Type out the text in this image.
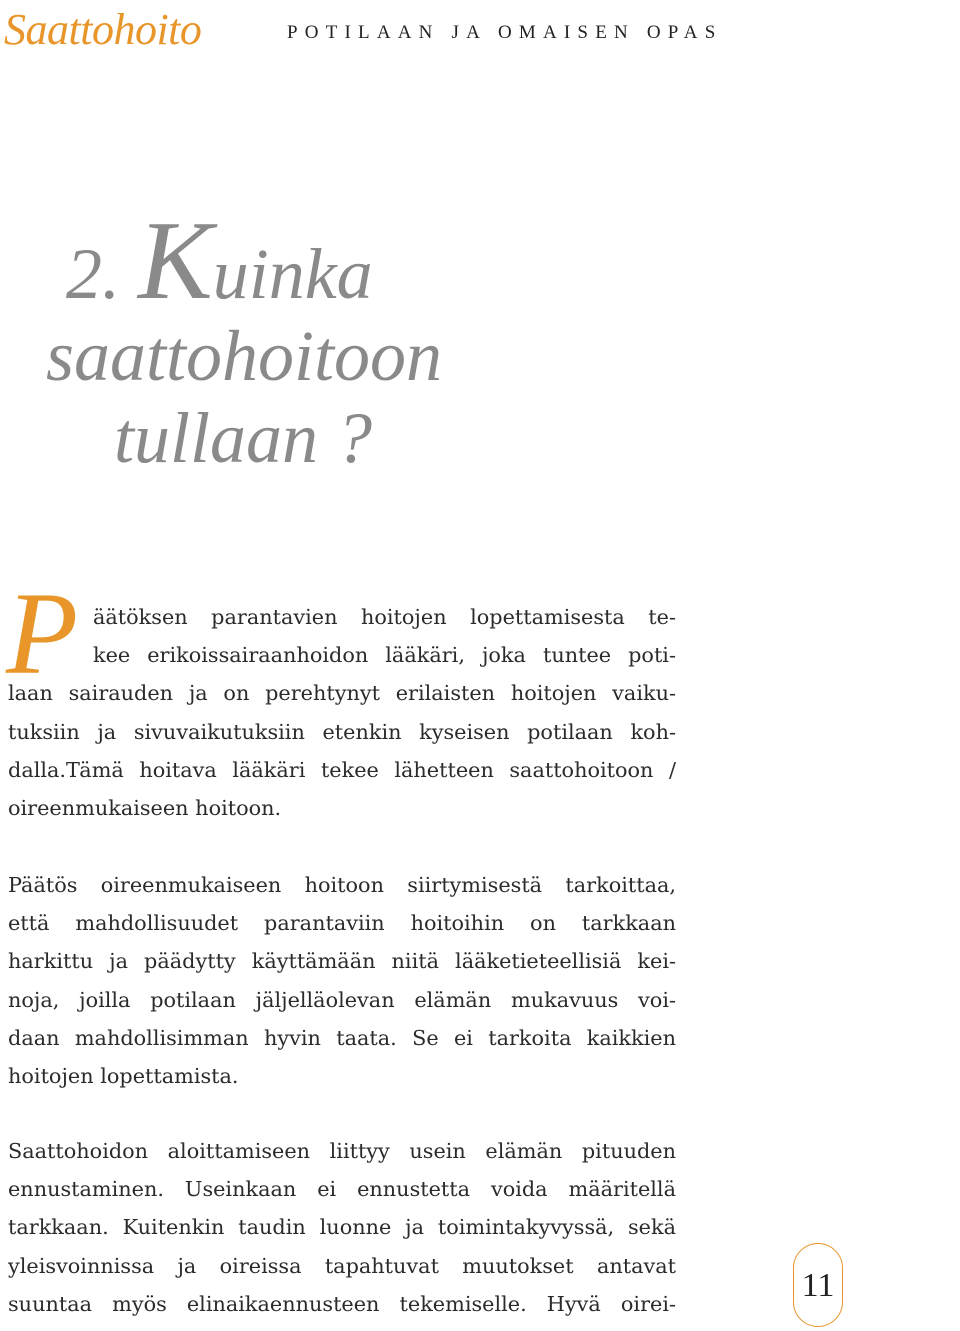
Saattohoito	POTILAAN JA OMAISEN OPAS
2. Kuinka
saattohoitoon
tullaan ?
P äätöksen parantavien hoitojen lopettamisesta te-
kee erikoissairaanhoidon lääkäri, joka tuntee poti-
laan sairauden ja on perehtynyt erilaisten hoitojen vaiku-
tuksiin ja sivuvaikutuksiin etenkin kyseisen potilaan koh-
dalla.Tämä hoitava lääkäri tekee lähetteen saattohoitoon /
oireenmukaiseen hoitoon.
Päätös oireenmukaiseen hoitoon siirtymisestä tarkoittaa,
että mahdollisuudet parantaviin hoitoihin on tarkkaan
harkittu ja päädytty käyttämään niitä lääketieteellisiä kei-
noja, joilla potilaan jäljelläolevan elämän mukavuus voi-
daan mahdollisimman hyvin taata. Se ei tarkoita kaikkien
hoitojen lopettamista.
Saattohoidon aloittamiseen liittyy usein elämän pituuden
ennustaminen. Useinkaan ei ennustetta voida määritellä
tarkkaan. Kuitenkin taudin luonne ja toimintakyvyssä, sekä
yleisvoinnissa ja oireissa tapahtuvat muutokset antavat
suuntaa myös elinaikaennusteen tekemiselle. Hyvä oirei-	11
